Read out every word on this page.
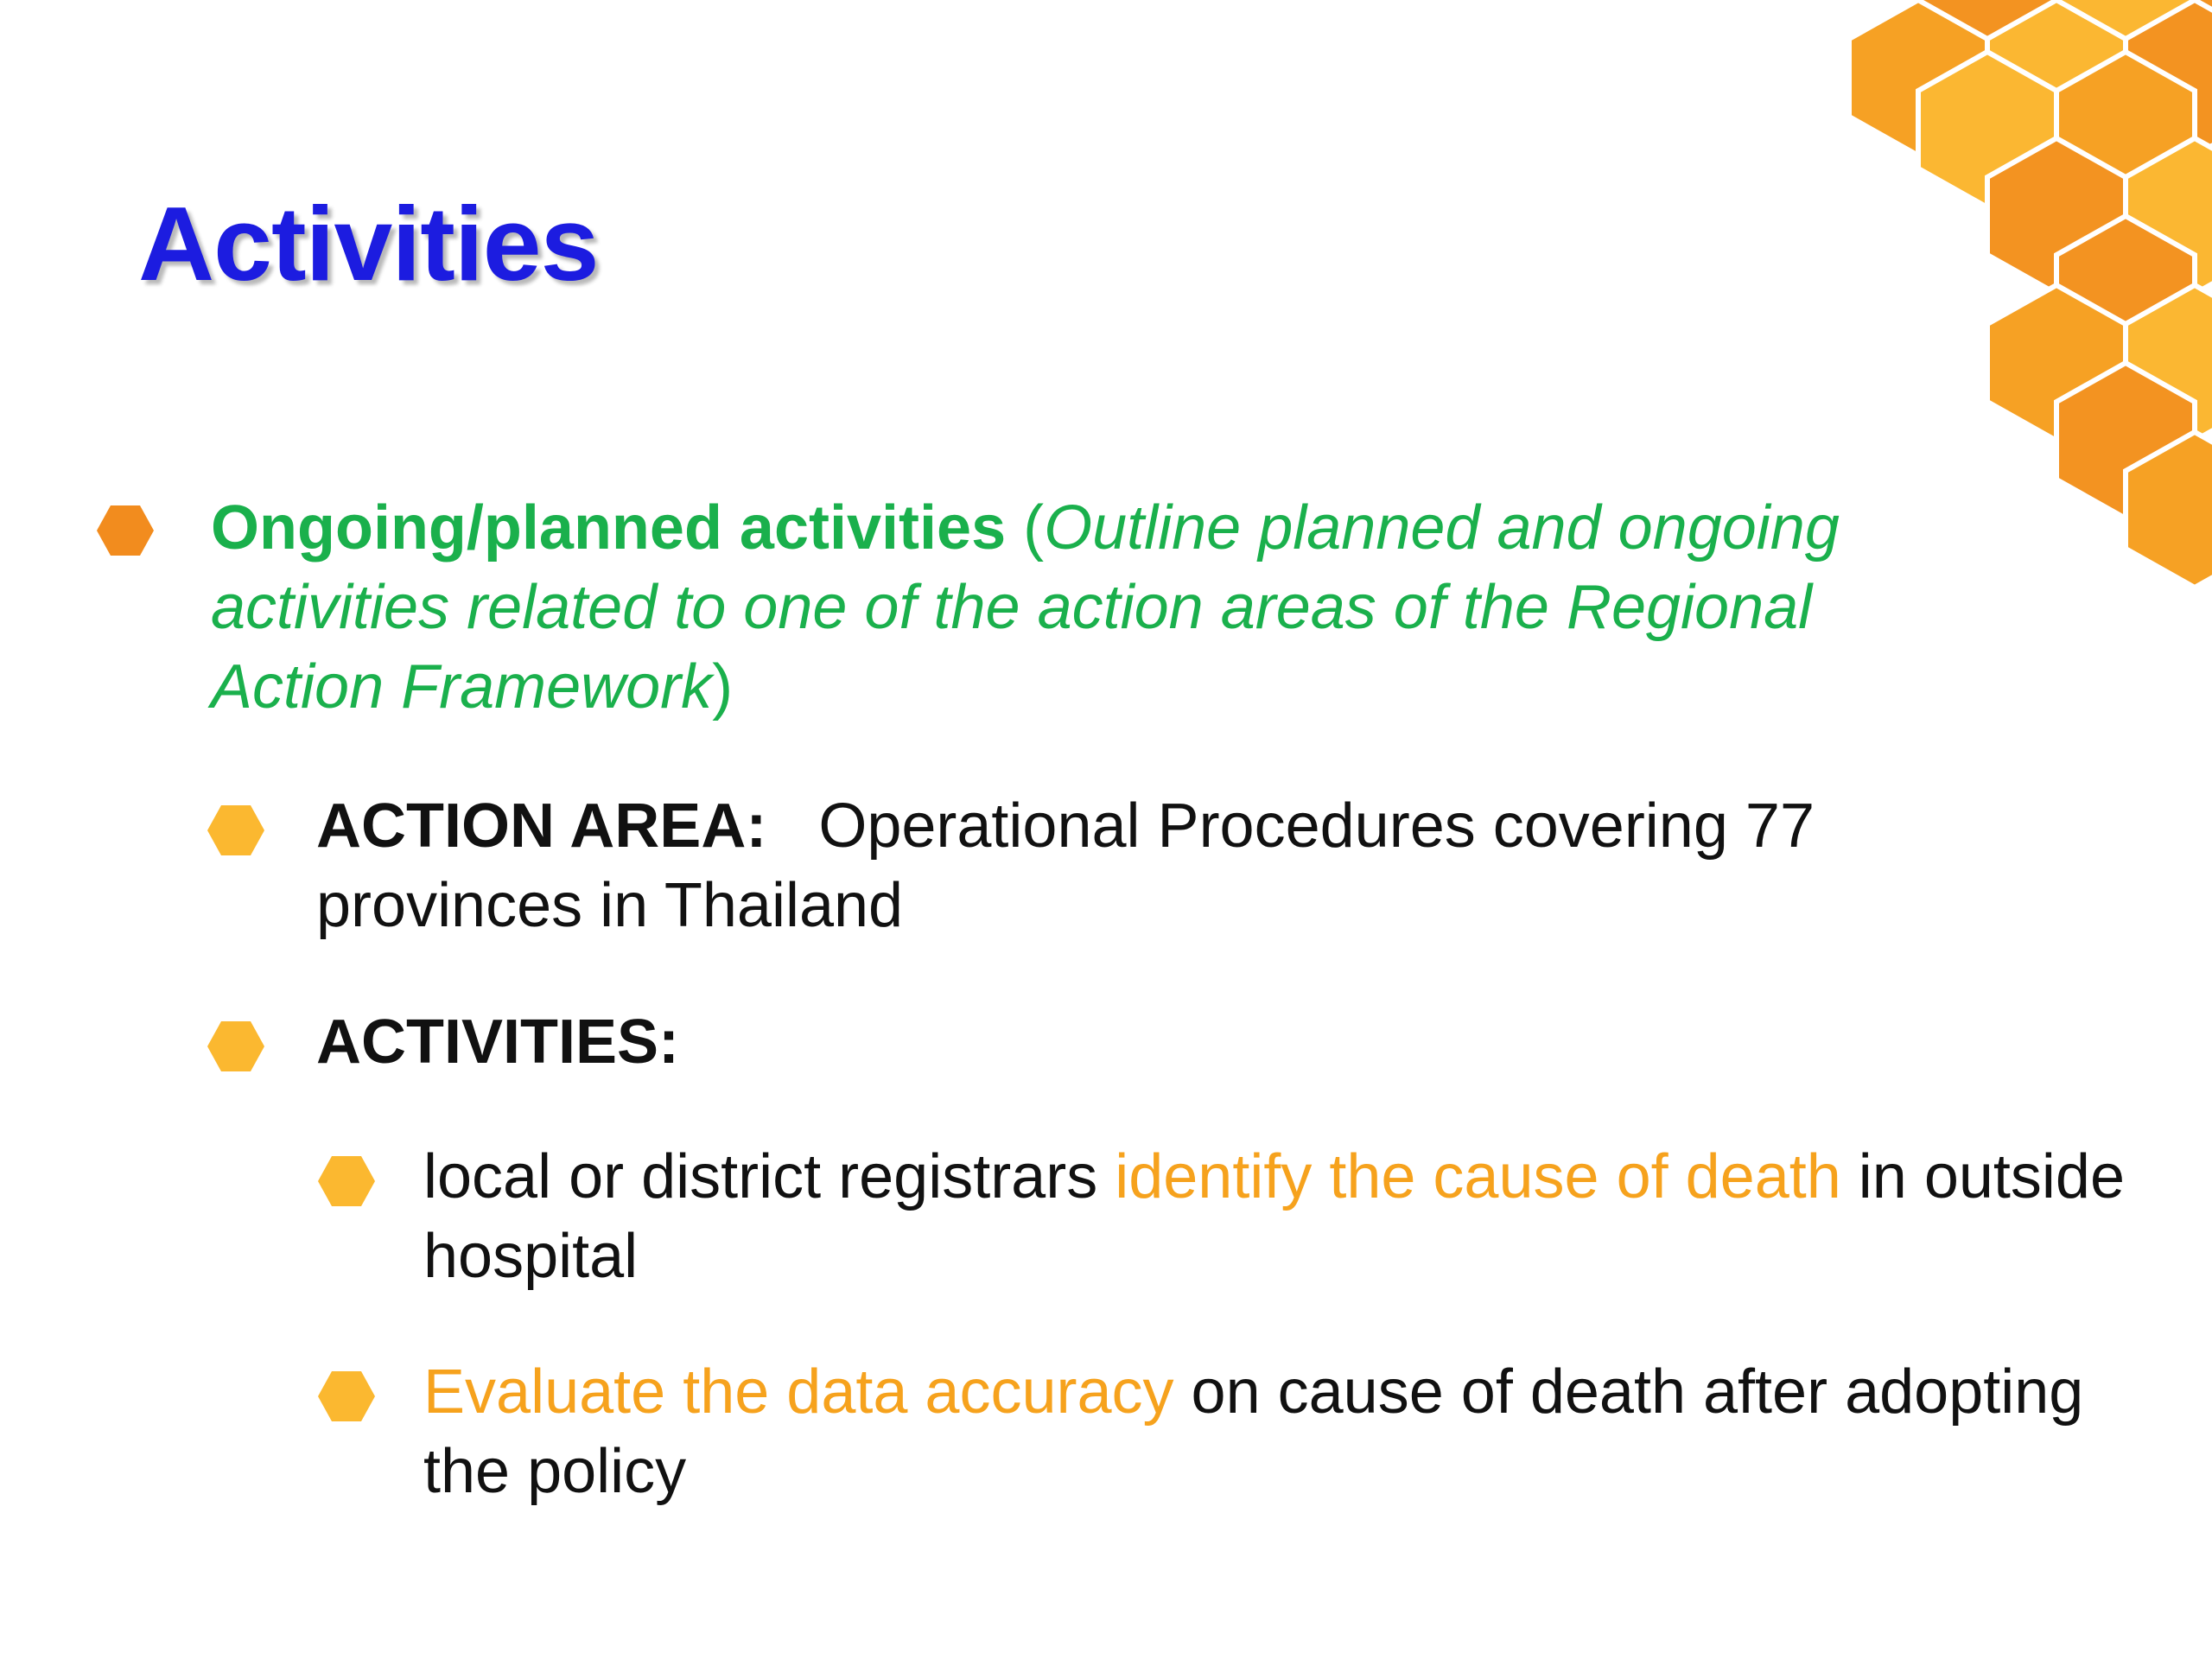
Activities
Ongoing/planned activities (Outline planned and ongoing activities related to one of the action areas of the Regional Action Framework)
ACTION AREA: Operational Procedures covering 77 provinces in Thailand
ACTIVITIES:
local or district registrars identify the cause of death in outside hospital
Evaluate the data accuracy on cause of death after adopting the policy
